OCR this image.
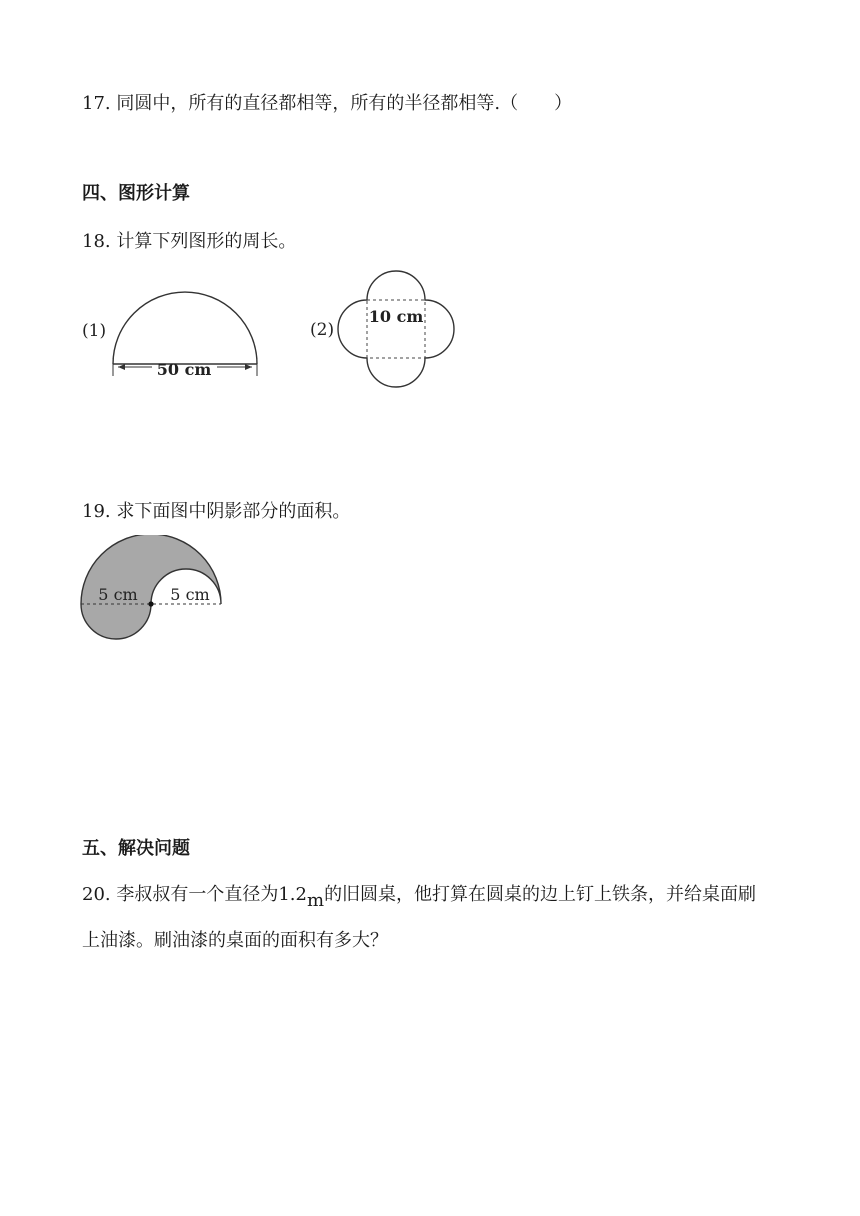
17. 同圆中，所有的直径都相等，所有的半径都相等.（　　）
四、图形计算
18. 计算下列图形的周长。
(1)
50 cm
(2)
10 cm
19. 求下面图中阴影部分的面积。
5 cm 5 cm
五、解决问题
20. 李叔叔有一个直径为1.2m的旧圆桌，他打算在圆桌的边上钉上铁条，并给桌面刷
上油漆。刷油漆的桌面的面积有多大？
